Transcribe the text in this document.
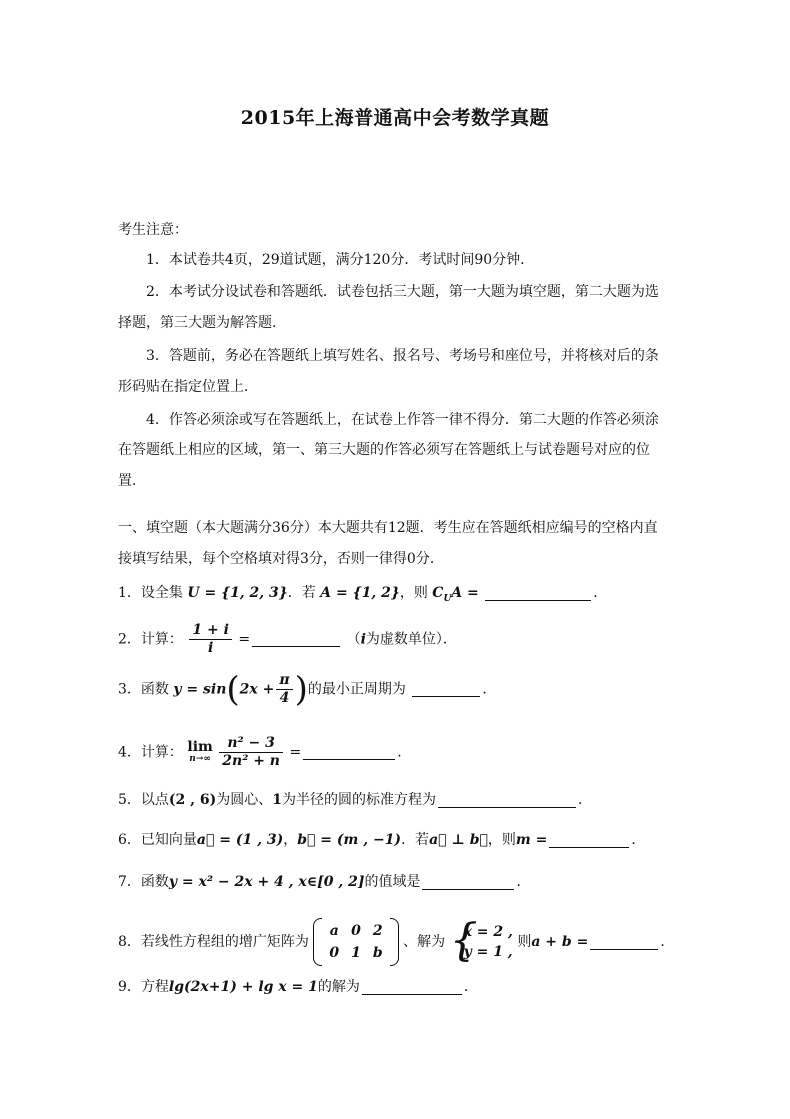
2015年上海普通高中会考数学真题
考生注意：
1．本试卷共4页，29道试题，满分120分．考试时间90分钟．
2．本考试分设试卷和答题纸．试卷包括三大题，第一大题为填空题，第二大题为选
择题，第三大题为解答题．
3．答题前，务必在答题纸上填写姓名、报名号、考场号和座位号，并将核对后的条
形码贴在指定位置上．
4．作答必须涂或写在答题纸上，在试卷上作答一律不得分．第二大题的作答必须涂
在答题纸上相应的区域，第一、第三大题的作答必须写在答题纸上与试卷题号对应的位
置．
一、填空题（本大题满分36分）本大题共有12题．考生应在答题纸相应编号的空格内直
接填写结果，每个空格填对得3分，否则一律得0分．
1．设全集 U = {1, 2, 3}．若 A = {1, 2}，则 $C_UA$ =	．
2．计算： $\frac{1 + i}{i}$ =	（i为虚数单位）．
3．函数 $y = \sin(2x + \frac{\pi}{4}$ )的最小正周期为	．
4．计算： lim
n→∞
$\frac{\text{n² − 3}}{\text{2n² + n}}$ =	．
5．以点(2 , 6)为圆心、1为半径的圆的标准方程为	．
6．已知向量a⃗ = (1 , 3)，b⃗ = (m , −1)．若a⃗ ⊥ b⃗，则m =	．
7．函数y = x² − 2x + 4 , x∈[0 , 2]的值域是	．
8．若线性方程组的增广矩阵为
a	0	2
0	1	b
、解为 {
x = 2 ,
y = 1 ,
则a + b =	．
9．方程lg(2x+1) + lg x = 1的解为	．
